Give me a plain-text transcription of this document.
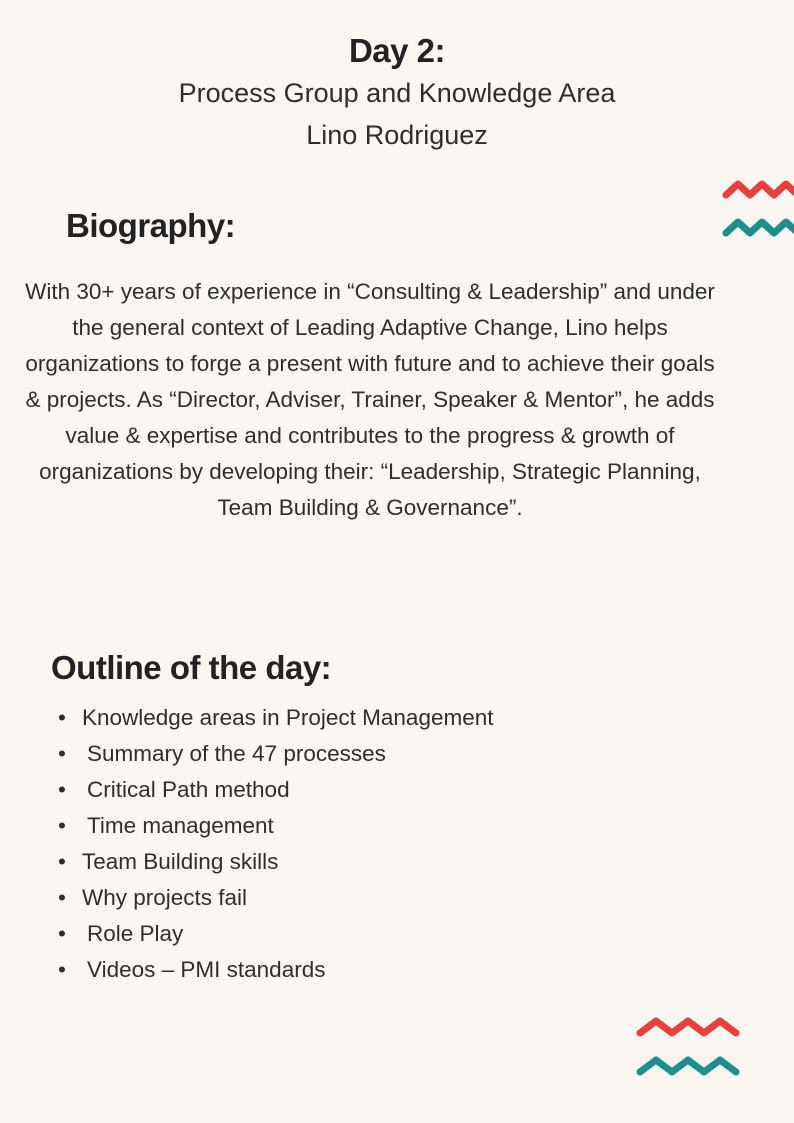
Day 2:
Process Group and Knowledge Area
Lino Rodriguez
Biography:
With 30+ years of experience in “Consulting & Leadership” and under the general context of Leading Adaptive Change, Lino helps organizations to forge a present with future and to achieve their goals & projects. As “Director, Adviser, Trainer, Speaker & Mentor”, he adds value & expertise and contributes to the progress & growth of organizations by developing their: “Leadership, Strategic Planning, Team Building & Governance”.
Outline of the day:
• Knowledge areas in Project Management
• Summary of the 47 processes
• Critical Path method
• Time management
• Team Building skills
• Why projects fail
• Role Play
• Videos – PMI standards
